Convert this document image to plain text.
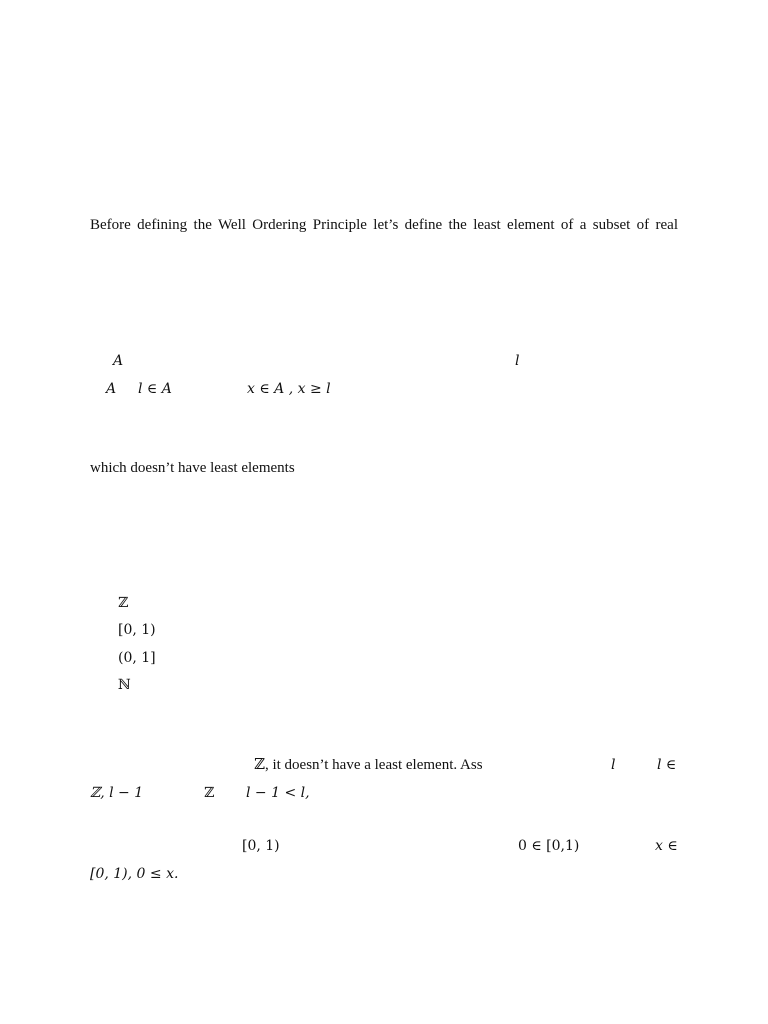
Before defining the Well Ordering Principle let’s define the least element of a subset of real
A	l
A l ∈ A	x ∈ A , x ≥ l
which doesn’t have least elements
ℤ
[0, 1)
(0, 1]
ℕ
ℤ, it doesn’t have a least element. Ass	l	l ∈
ℤ, l − 1	ℤ l − 1 < l,
[0, 1)	0 ∈ [0,1)	x ∈
[0, 1), 0 ≤ x.
